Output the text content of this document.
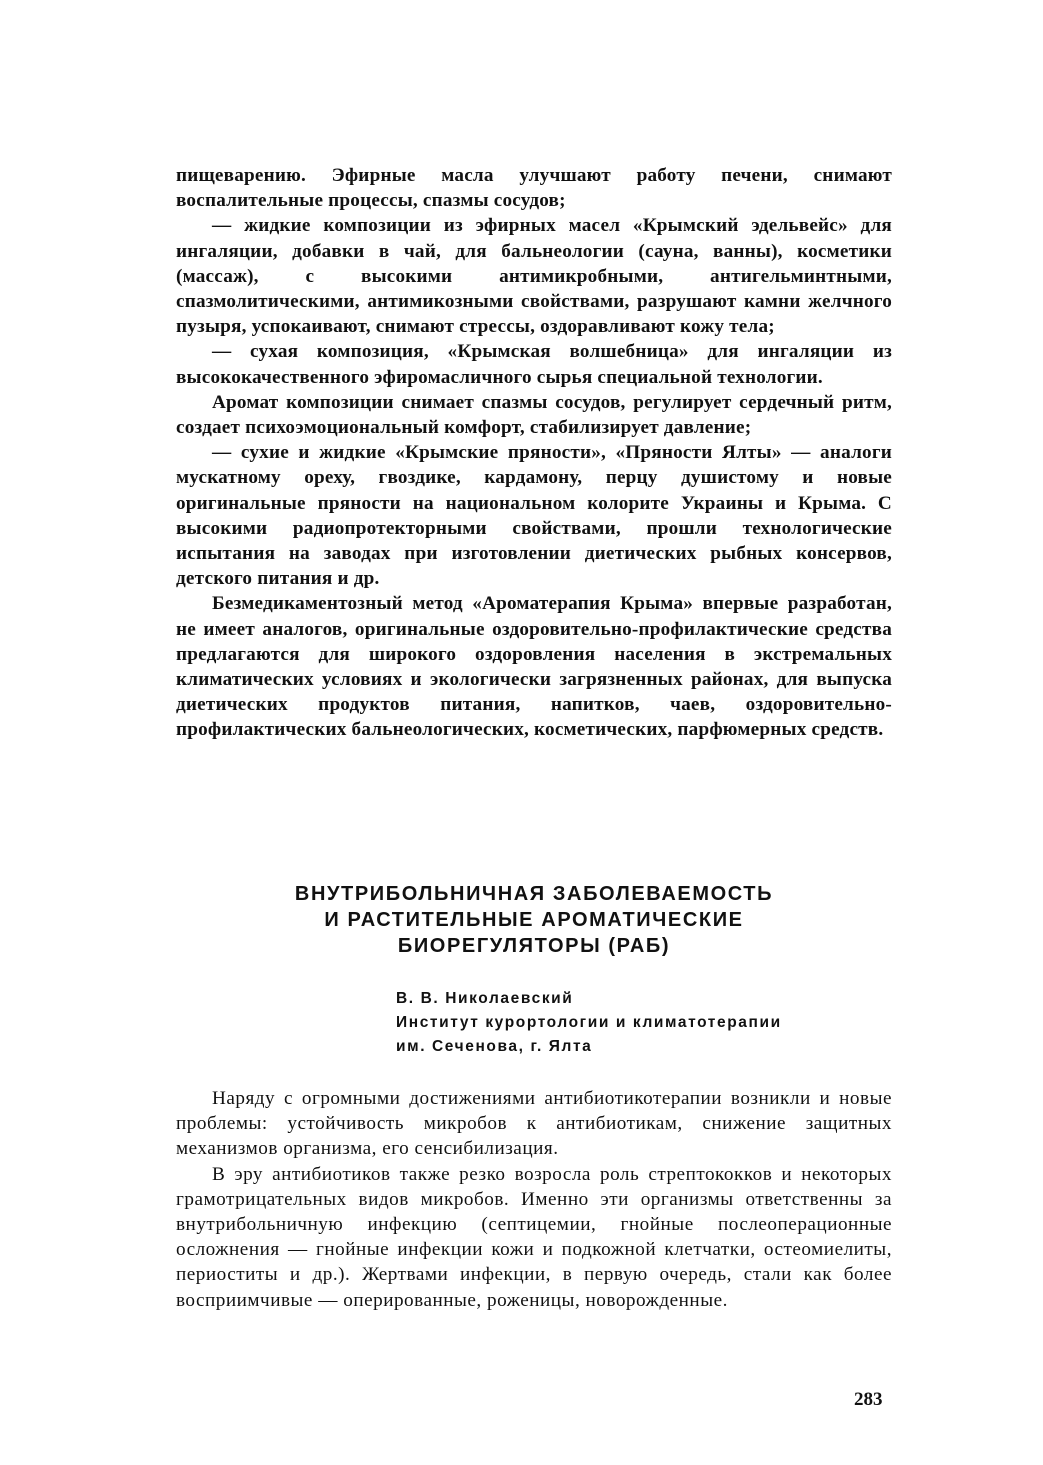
пищеварению. Эфирные масла улучшают работу печени, снимают воспалительные процессы, спазмы сосудов;

— жидкие композиции из эфирных масел «Крымский эдельвейс» для ингаляции, добавки в чай, для бальнеологии (сауна, ванны), косметики (массаж), с высокими антимикробными, антигельминтными, спазмолитическими, антимикозными свойствами, разрушают камни желчного пузыря, успокаивают, снимают стрессы, оздоравливают кожу тела;

— сухая композиция, «Крымская волшебница» для ингаляции из высококачественного эфиромасличного сырья специальной технологии.

Аромат композиции снимает спазмы сосудов, регулирует сердечный ритм, создает психоэмоциональный комфорт, стабилизирует давление;

— сухие и жидкие «Крымские пряности», «Пряности Ялты» — аналоги мускатному ореху, гвоздике, кардамону, перцу душистому и новые оригинальные пряности на национальном колорите Украины и Крыма. С высокими радиопротекторными свойствами, прошли технологические испытания на заводах при изготовлении диетических рыбных консервов, детского питания и др.

Безмедикаментозный метод «Ароматерапия Крыма» впервые разработан, не имеет аналогов, оригинальные оздоровительно-профилактические средства предлагаются для широкого оздоровления населения в экстремальных климатических условиях и экологически загрязненных районах, для выпуска диетических продуктов питания, напитков, чаев, оздоровительно-профилактических бальнеологических, косметических, парфюмерных средств.

ВНУТРИБОЛЬНИЧНАЯ ЗАБОЛЕВАЕМОСТЬ
И РАСТИТЕЛЬНЫЕ АРОМАТИЧЕСКИЕ
БИОРЕГУЛЯТОРЫ (РАБ)
В. В. Николаевский
Институт курортологии и климатотерапии
им. Сеченова, г. Ялта

Наряду с огромными достижениями антибиотикотерапии возникли и новые проблемы: устойчивость микробов к антибиотикам, снижение защитных механизмов организма, его сенсибилизация.

В эру антибиотиков также резко возросла роль стрептококков и некоторых грамотрицательных видов микробов. Именно эти организмы ответственны за внутрибольничную инфекцию (септицемии, гнойные послеоперационные осложнения — гнойные инфекции кожи и подкожной клетчатки, остеомиелиты, периоститы и др.). Жертвами инфекции, в первую очередь, стали как более восприимчивые — оперированные, роженицы, новорожденные.

283
